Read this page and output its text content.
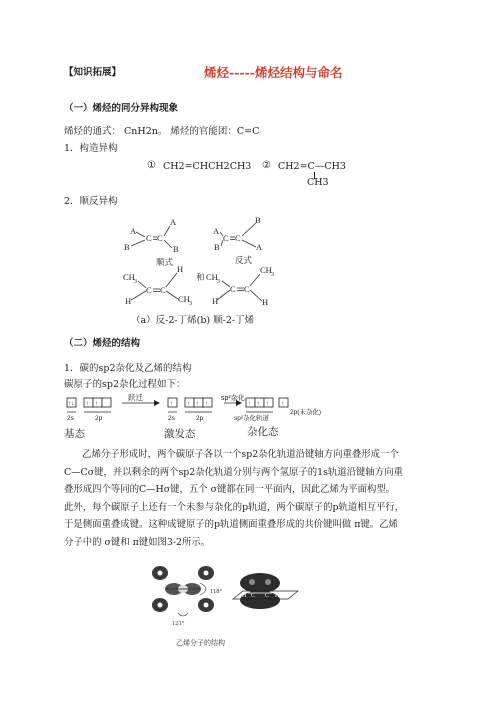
【知识拓展】	烯烃-----烯烃结构与命名
（一）烯烃的同分异构现象
烯烃的通式： CnH2n。 烯烃的官能团：C=C
1．构造异构
① CH2=CHCH2CH3 ② CH2=C—CH3
CH3
2．顺反异构
A
B
C C
A
B
A
B
C C
B
A
顺式	反式
CH 3
H
C C
H
CH 3
CH 3
H
C C
CH 3
H
和
（a）反-2-丁烯(b) 顺-2-丁烯
（二）烯烃的结构
1．碳的sp2杂化及乙烯的结构
碳原子的sp2杂化过程如下：
↑↓ ↑ ↑	↑ ↑ ↑ ↑	↑ ↑ ↑ ↑
2s	2p	2s	2p
跃迁	sp²杂化
sp²杂化轨道
2p(未杂化)
基态	激发态	杂化态
乙烯分子形成时，两个碳原子各以一个sp2杂化轨道沿键轴方向重叠形成一个
C—Cσ键，并以剩余的两个sp2杂化轨道分别与两个氢原子的1s轨道沿键轴方向重
叠形成四个等同的C—Hσ键，五个 σ键都在同一平面内，因此乙烯为平面构型。
此外，每个碳原子上还有一个未参与杂化的p轨道，两个碳原子的p轨道相互平行，
于是侧面重叠成键。这种成键原子的p轨道侧面重叠形成的共价键叫做 π键。乙烯
分子中的 σ键和 π键如图3-2所示。
118°
121°
H C C H
乙烯分子的结构
